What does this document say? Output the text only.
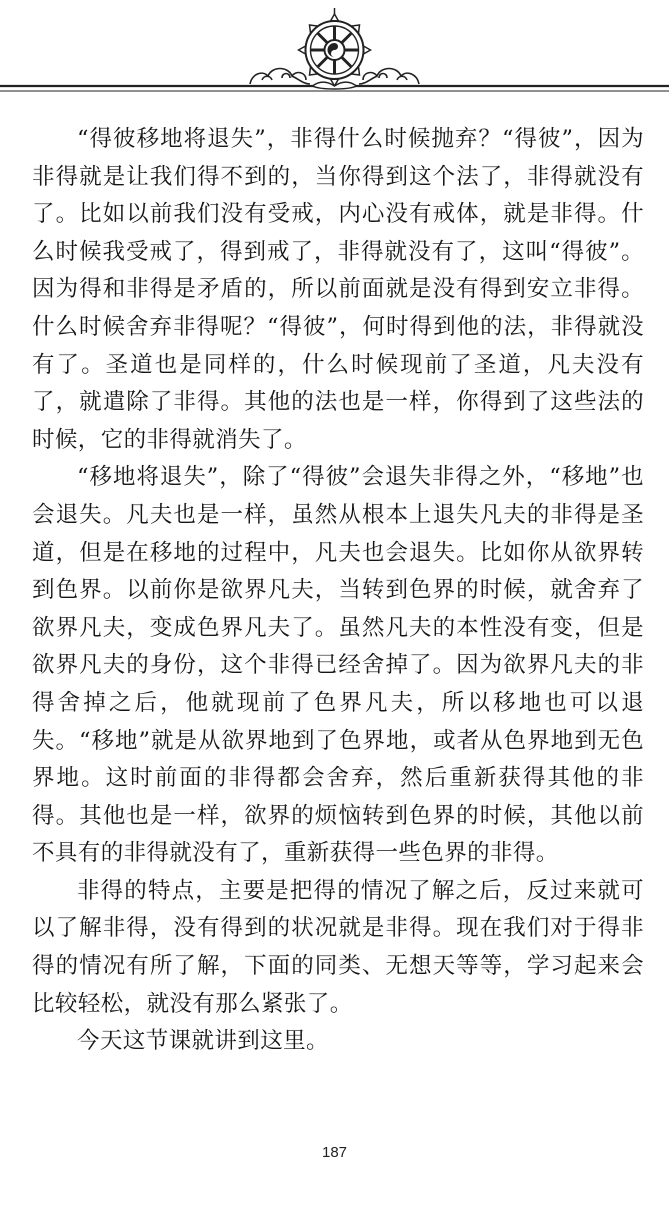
“得彼移地将退失”，非得什么时候抛弃？“得彼”，因为非得就是让我们得不到的，当你得到这个法了，非得就没有了。比如以前我们没有受戒，内心没有戒体，就是非得。什么时候我受戒了，得到戒了，非得就没有了，这叫“得彼”。因为得和非得是矛盾的，所以前面就是没有得到安立非得。什么时候舍弃非得呢？“得彼”，何时得到他的法，非得就没有了。圣道也是同样的，什么时候现前了圣道，凡夫没有了，就遣除了非得。其他的法也是一样，你得到了这些法的时候，它的非得就消失了。

“移地将退失”，除了“得彼”会退失非得之外，“移地”也会退失。凡夫也是一样，虽然从根本上退失凡夫的非得是圣道，但是在移地的过程中，凡夫也会退失。比如你从欲界转到色界。以前你是欲界凡夫，当转到色界的时候，就舍弃了欲界凡夫，变成色界凡夫了。虽然凡夫的本性没有变，但是欲界凡夫的身份，这个非得已经舍掉了。因为欲界凡夫的非得舍掉之后，他就现前了色界凡夫，所以移地也可以退失。“移地”就是从欲界地到了色界地，或者从色界地到无色界地。这时前面的非得都会舍弃，然后重新获得其他的非得。其他也是一样，欲界的烦恼转到色界的时候，其他以前不具有的非得就没有了，重新获得一些色界的非得。

非得的特点，主要是把得的情况了解之后，反过来就可以了解非得，没有得到的状况就是非得。现在我们对于得非得的情况有所了解，下面的同类、无想天等等，学习起来会比较轻松，就没有那么紧张了。

今天这节课就讲到这里。

187
